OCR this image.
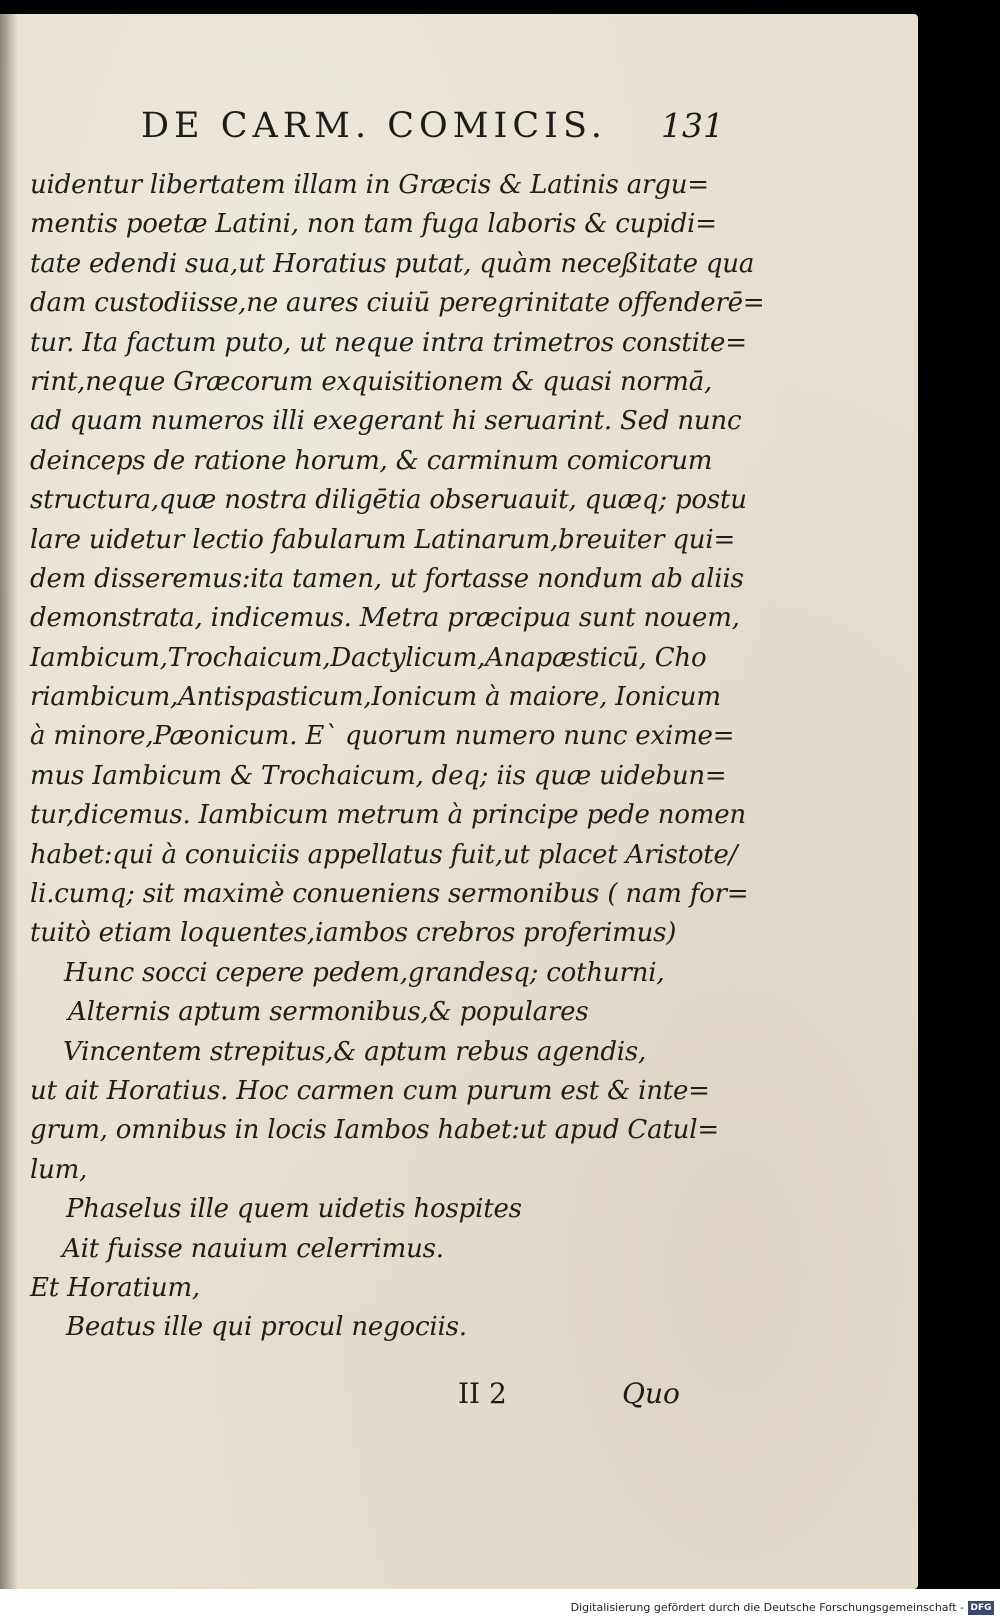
DE CARM. COMICIS. 131
uidentur libertatem illam in Græcis & Latinis argu=
mentis poetæ Latini, non tam fuga laboris & cupidi=
tate edendi sua,ut Horatius putat, quàm neceßitate qua
dam custodiisse,ne aures ciuiū peregrinitate offenderē=
tur. Ita factum puto, ut neque intra trimetros constite=
rint,neque Græcorum exquisitionem & quasi normā,
ad quam numeros illi exegerant hi seruarint. Sed nunc
deinceps de ratione horum, & carminum comicorum
structura,quæ nostra diligētia obseruauit, quæq; postu
lare uidetur lectio fabularum Latinarum,breuiter qui=
dem disseremus:ita tamen, ut fortasse nondum ab aliis
demonstrata, indicemus. Metra præcipua sunt nouem,
Iambicum,Trochaicum,Dactylicum,Anapæsticū, Cho
riambicum,Antispasticum,Ionicum à maiore, Ionicum
à minore,Pæonicum. E` quorum numero nunc exime=
mus Iambicum & Trochaicum, deq; iis quæ uidebun=
tur,dicemus. Iambicum metrum à principe pede nomen
habet:qui à conuiciis appellatus fuit,ut placet Aristote/
li.cumq; sit maximè conueniens sermonibus ( nam for=
tuitò etiam loquentes,iambos crebros proferimus)
Hunc socci cepere pedem,grandesq; cothurni,
Alternis aptum sermonibus,& populares
Vincentem strepitus,& aptum rebus agendis,
ut ait Horatius. Hoc carmen cum purum est & inte=
grum, omnibus in locis Iambos habet:ut apud Catul=
lum,
Phaselus ille quem uidetis hospites
Ait fuisse nauium celerrimus.
Et Horatium,
Beatus ille qui procul negociis.
II 2	Quo
Digitalisierung gefördert durch die Deutsche Forschungsgemeinschaft - DFG
